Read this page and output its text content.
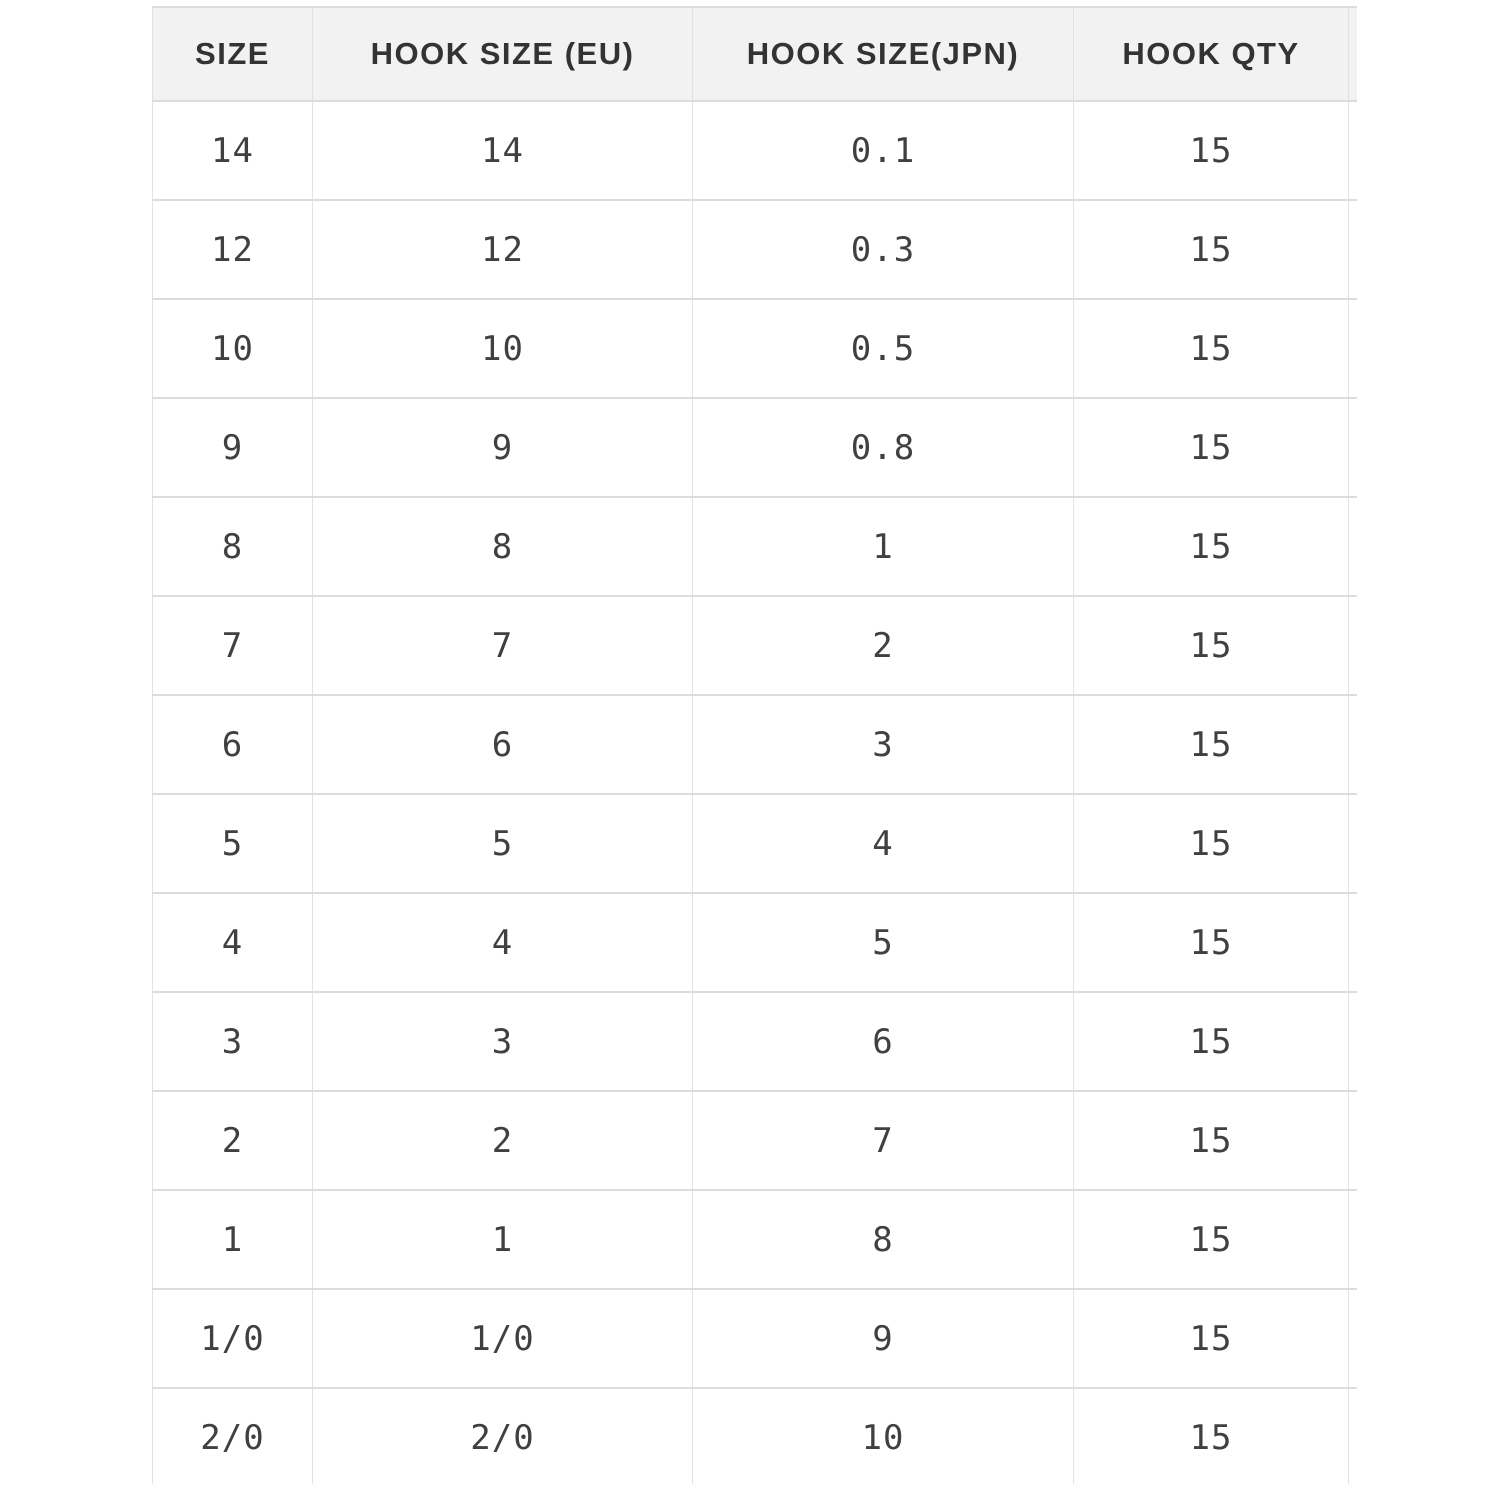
SIZE	HOOK SIZE (EU)	HOOK SIZE(JPN)	HOOK QTY	
14	14	0.1	15	
12	12	0.3	15	
10	10	0.5	15	
9	9	0.8	15	
8	8	1	15	
7	7	2	15	
6	6	3	15	
5	5	4	15	
4	4	5	15	
3	3	6	15	
2	2	7	15	
1	1	8	15	
1/0	1/0	9	15	
2/0	2/0	10	15	
